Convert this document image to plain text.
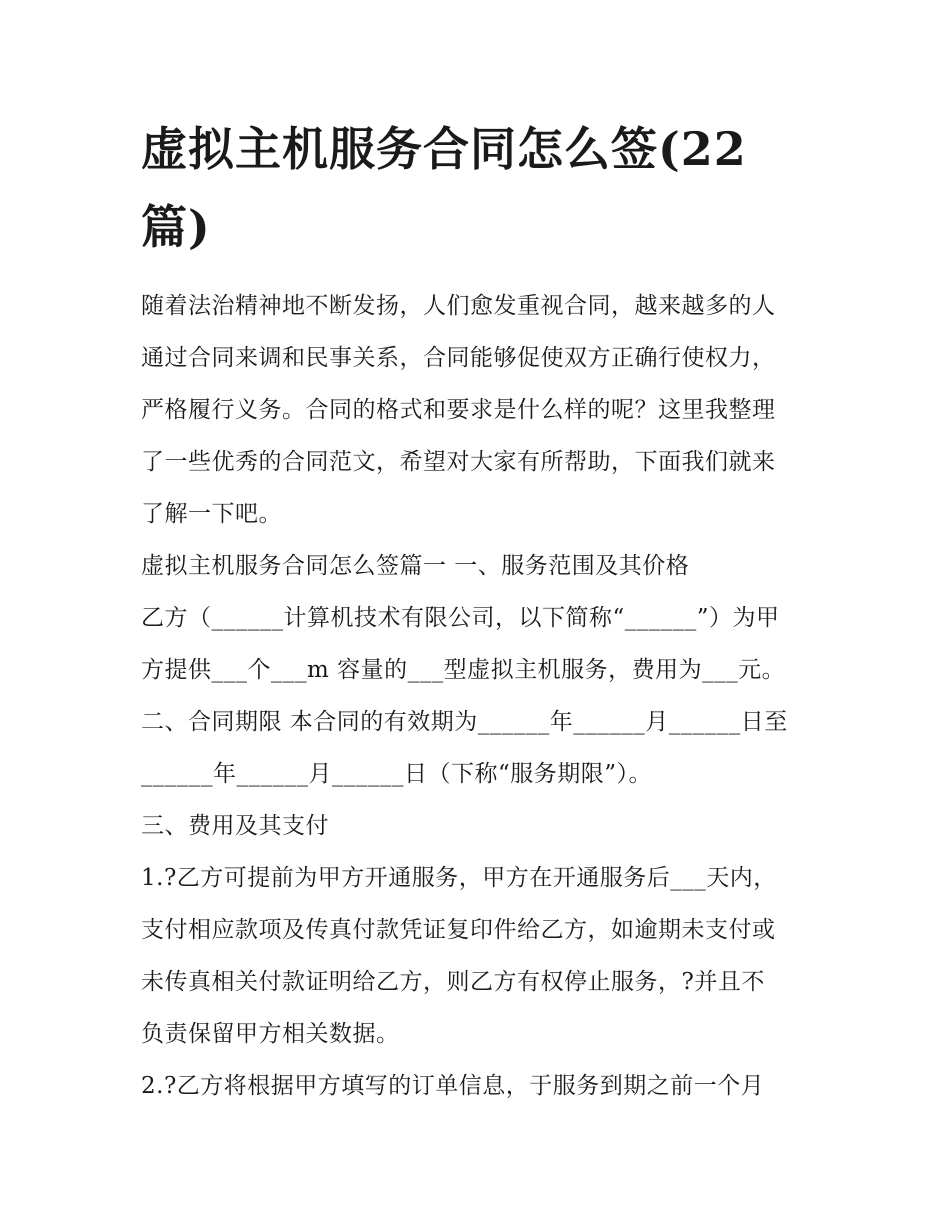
虚拟主机服务合同怎么签(22
篇)

随着法治精神地不断发扬，人们愈发重视合同，越来越多的人
通过合同来调和民事关系，合同能够促使双方正确行使权力，
严格履行义务。合同的格式和要求是什么样的呢？这里我整理
了一些优秀的合同范文，希望对大家有所帮助，下面我们就来
了解一下吧。

虚拟主机服务合同怎么签篇一 一、服务范围及其价格

乙方（______计算机技术有限公司，以下简称“______”）为甲
方提供___个___m 容量的___型虚拟主机服务，费用为___元。

二、合同期限 本合同的有效期为______年______月______日至
______年______月______日（下称“服务期限”）。

三、费用及其支付

1.?乙方可提前为甲方开通服务，甲方在开通服务后___天内，
支付相应款项及传真付款凭证复印件给乙方，如逾期未支付或
未传真相关付款证明给乙方，则乙方有权停止服务，?并且不
负责保留甲方相关数据。

2.?乙方将根据甲方填写的订单信息，于服务到期之前一个月
